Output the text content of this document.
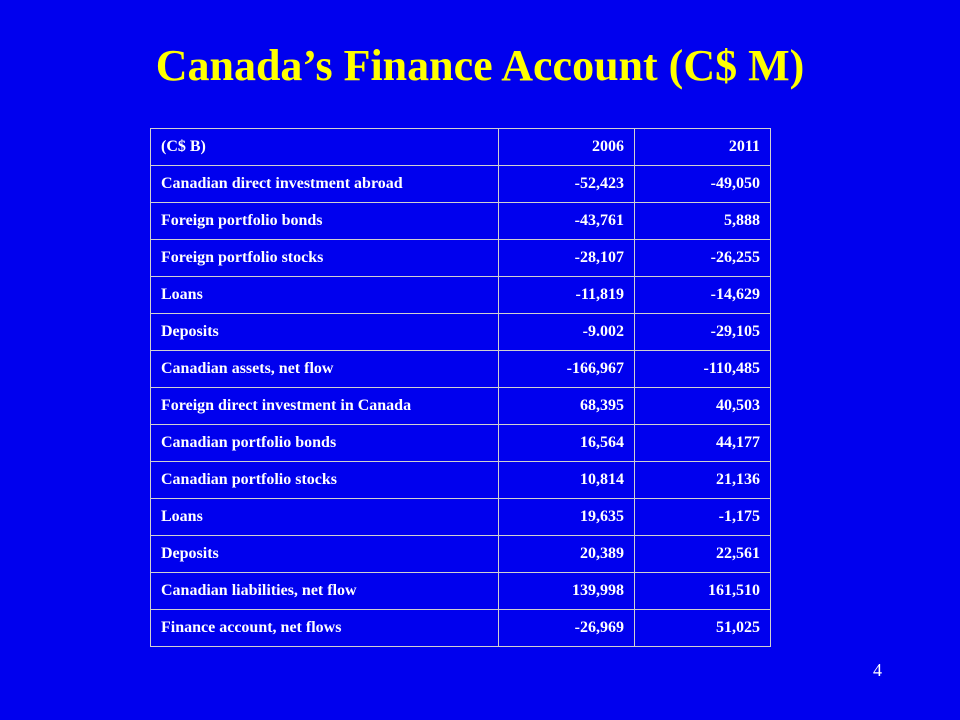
Canada’s Finance Account (C$ M)
(C$ B)	2006	2011
Canadian direct investment abroad	-52,423	-49,050
Foreign portfolio bonds	-43,761	5,888
Foreign portfolio stocks	-28,107	-26,255
Loans	-11,819	-14,629
Deposits	-9.002	-29,105
Canadian assets, net flow	-166,967	-110,485
Foreign direct investment in Canada	68,395	40,503
Canadian portfolio bonds	16,564	44,177
Canadian portfolio stocks	10,814	21,136
Loans	19,635	-1,175
Deposits	20,389	22,561
Canadian liabilities, net flow	139,998	161,510
Finance account, net flows	-26,969	51,025
4
